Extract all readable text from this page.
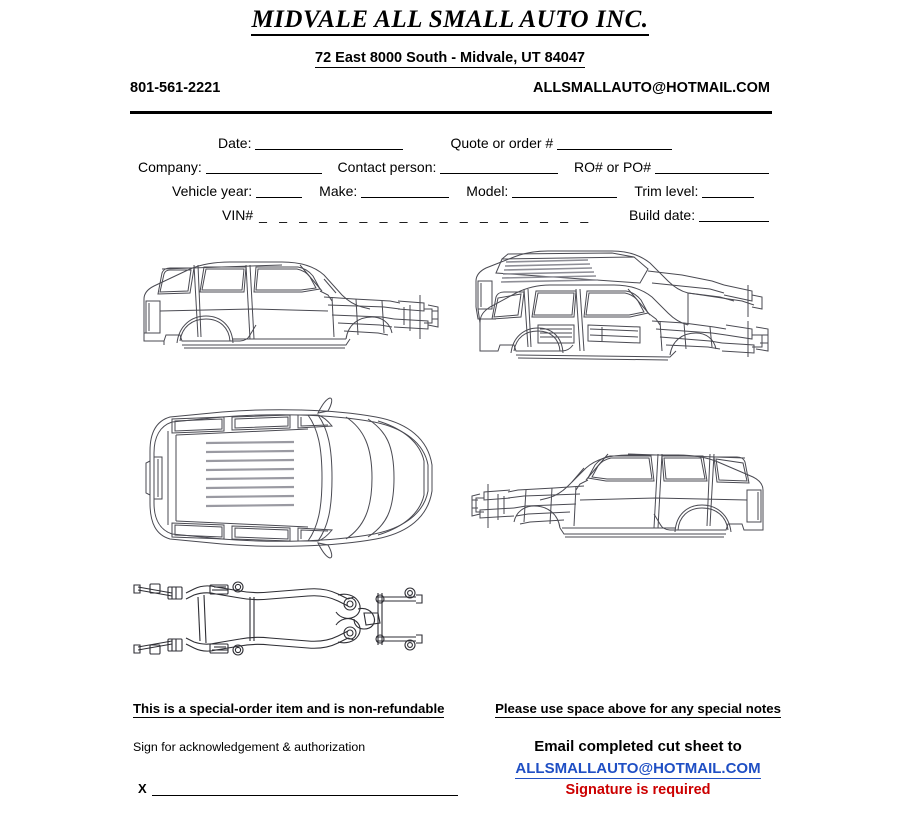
MIDVALE ALL SMALL AUTO INC.
72 East 8000 South - Midvale, UT 84047
801-561-2221	ALLSMALLAUTO@HOTMAIL.COM
Date:	Quote or order #
Company:	Contact person:	RO# or PO#
Vehicle year:	Make:	Model:	Trim level:
VIN# _ _ _ _ _ _ _ _ _ _ _ _ _ _ _ _ _	Build date:
This is a special-order item and is non-refundable
Sign for acknowledgement & authorization
X
Please use space above for any special notes
Email completed cut sheet to
ALLSMALLAUTO@HOTMAIL.COM
Signature is required
